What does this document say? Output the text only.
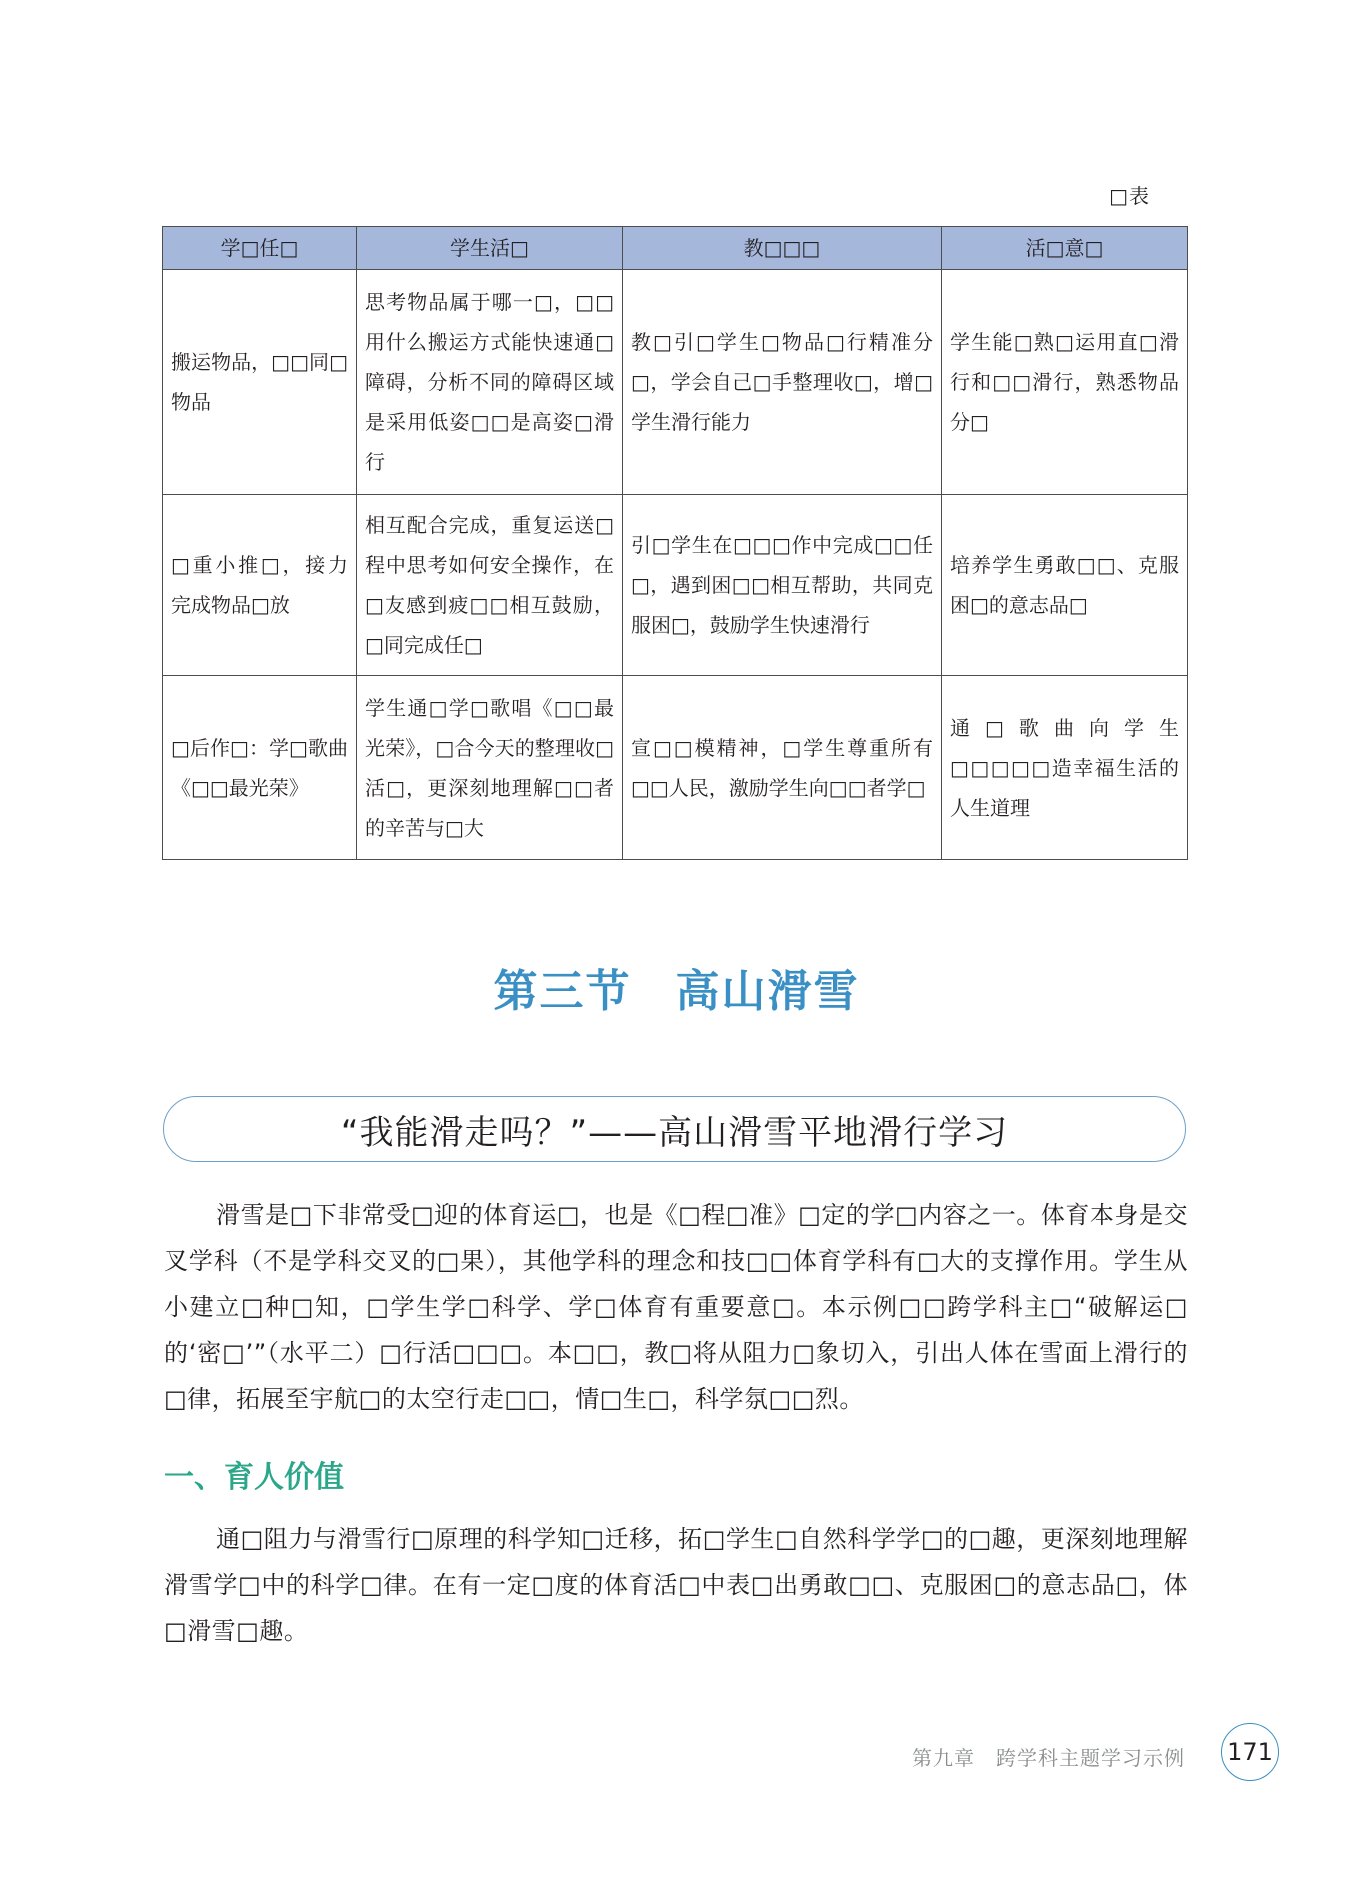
□表
学□任□	学生活□	教□□□	活□意□
搬运物品，□□同□物品	思考物品属于哪一□，□□用什么搬运方式能快速通□障碍，分析不同的障碍区域是采用低姿□□是高姿□滑行	教□引□学生□物品□行精准分□，学会自己□手整理收□，增□学生滑行能力	学生能□熟□运用直□滑行和□□滑行，熟悉物品分□
□重小推□，接力完成物品□放	相互配合完成，重复运送□程中思考如何安全操作，在□友感到疲□□相互鼓励，□同完成任□	引□学生在□□□作中完成□□任□，遇到困□□相互帮助，共同克服困□，鼓励学生快速滑行	培养学生勇敢□□、克服困□的意志品□
□后作□：学□歌曲《□□最光荣》	学生通□学□歌唱《□□最光荣》，□合今天的整理收□活□，更深刻地理解□□者的辛苦与□大	宣□□模精神，□学生尊重所有□□人民，激励学生向□□者学□	通□歌曲向学生□□□□□造幸福生活的人生道理
第三节 高山滑雪
“我能滑走吗？”——高山滑雪平地滑行学习

滑雪是□下非常受□迎的体育运□，也是《□程□准》□定的学□内容之一。体育本身是交叉学科（不是学科交叉的□果），其他学科的理念和技□□体育学科有□大的支撑作用。学生从小建立□种□知，□学生学□科学、学□体育有重要意□。本示例□□跨学科主□“破解运□的‘密□’”（水平二）□行活□□□。本□□，教□将从阻力□象切入，引出人体在雪面上滑行的□律，拓展至宇航□的太空行走□□，情□生□，科学氛□□烈。

一、育人价值

通□阻力与滑雪行□原理的科学知□迁移，拓□学生□自然科学学□的□趣，更深刻地理解滑雪学□中的科学□律。在有一定□度的体育活□中表□出勇敢□□、克服困□的意志品□，体□滑雪□趣。

第九章　跨学科主题学习示例 171
